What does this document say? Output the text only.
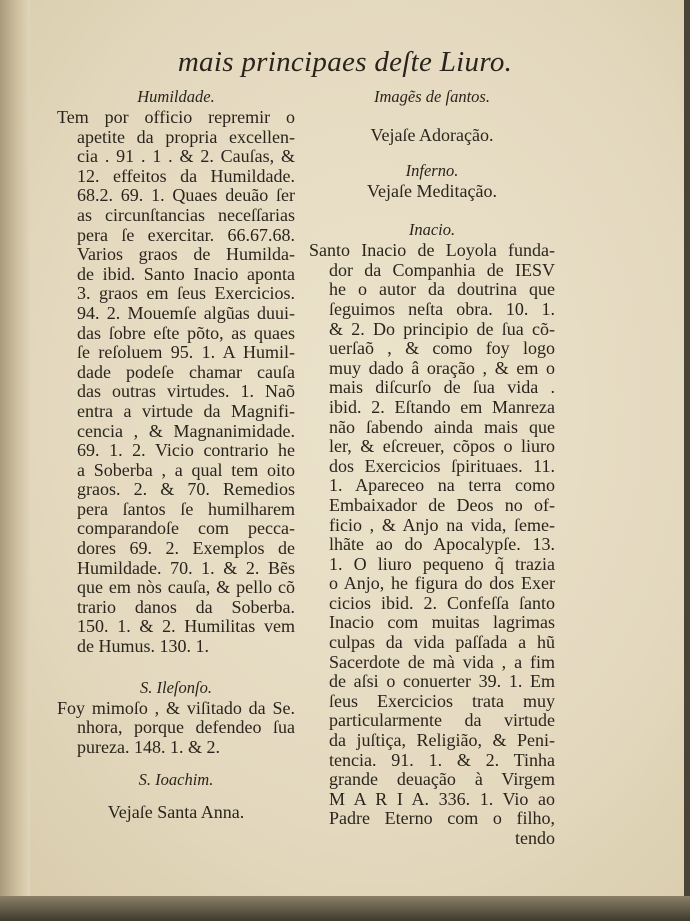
mais principaes deſte Liuro.
Humildade.
Tem por officio repremir o
apetite da propria excellen-
cia . 91 . 1 . & 2. Cauſas, &
12. effeitos da Humildade.
68.2. 69. 1. Quaes deuão ſer
as circunſtancias neceſſarias
pera ſe exercitar. 66.67.68.
Varios graos de Humilda-
de ibid. Santo Inacio aponta
3. graos em ſeus Exercicios.
94. 2. Mouemſe algũas duui-
das ſobre eſte põto, as quaes
ſe reſoluem 95. 1. A Humil-
dade podeſe chamar cauſa
das outras virtudes. 1. Naõ
entra a virtude da Magnifi-
cencia , & Magnanimidade.
69. 1. 2. Vicio contrario he
a Soberba , a qual tem oito
graos. 2. & 70. Remedios
pera ſantos ſe humilharem
comparandoſe com pecca-
dores 69. 2. Exemplos de
Humildade. 70. 1. & 2. Bẽs
que em nòs cauſa, & pello cõ
trario danos da Soberba.
150. 1. & 2. Humilitas vem
de Humus. 130. 1.
S. Ileſonſo.
Foy mimoſo , & viſitado da Se.
nhora, porque defendeo ſua
pureza. 148. 1. & 2.
S. Ioachim.
Vejaſe Santa Anna.
Imagẽs de ſantos.
Vejaſe Adoração.
Inferno.
Vejaſe Meditação.
Inacio.
Santo Inacio de Loyola funda-
dor da Companhia de IESV
he o autor da doutrina que
ſeguimos neſta obra. 10. 1.
& 2. Do principio de ſua cõ-
uerſaõ , & como foy logo
muy dado â oração , & em o
mais diſcurſo de ſua vida .
ibid. 2. Eſtando em Manreza
não ſabendo ainda mais que
ler, & eſcreuer, cõpos o liuro
dos Exercicios ſpirituaes. 11.
1. Apareceo na terra como
Embaixador de Deos no of-
ficio , & Anjo na vida, ſeme-
lhãte ao do Apocalypſe. 13.
1. O liuro pequeno q̃ trazia
o Anjo, he figura do dos Exer
cicios ibid. 2. Confeſſa ſanto
Inacio com muitas lagrimas
culpas da vida paſſada a hũ
Sacerdote de mà vida , a fim
de aſsi o conuerter 39. 1. Em
ſeus Exercicios trata muy
particularmente da virtude
da juſtiça, Religião, & Peni-
tencia. 91. 1. & 2. Tinha
grande deuação à Virgem
M A R I A. 336. 1. Vio ao
Padre Eterno com o filho,
tendo
